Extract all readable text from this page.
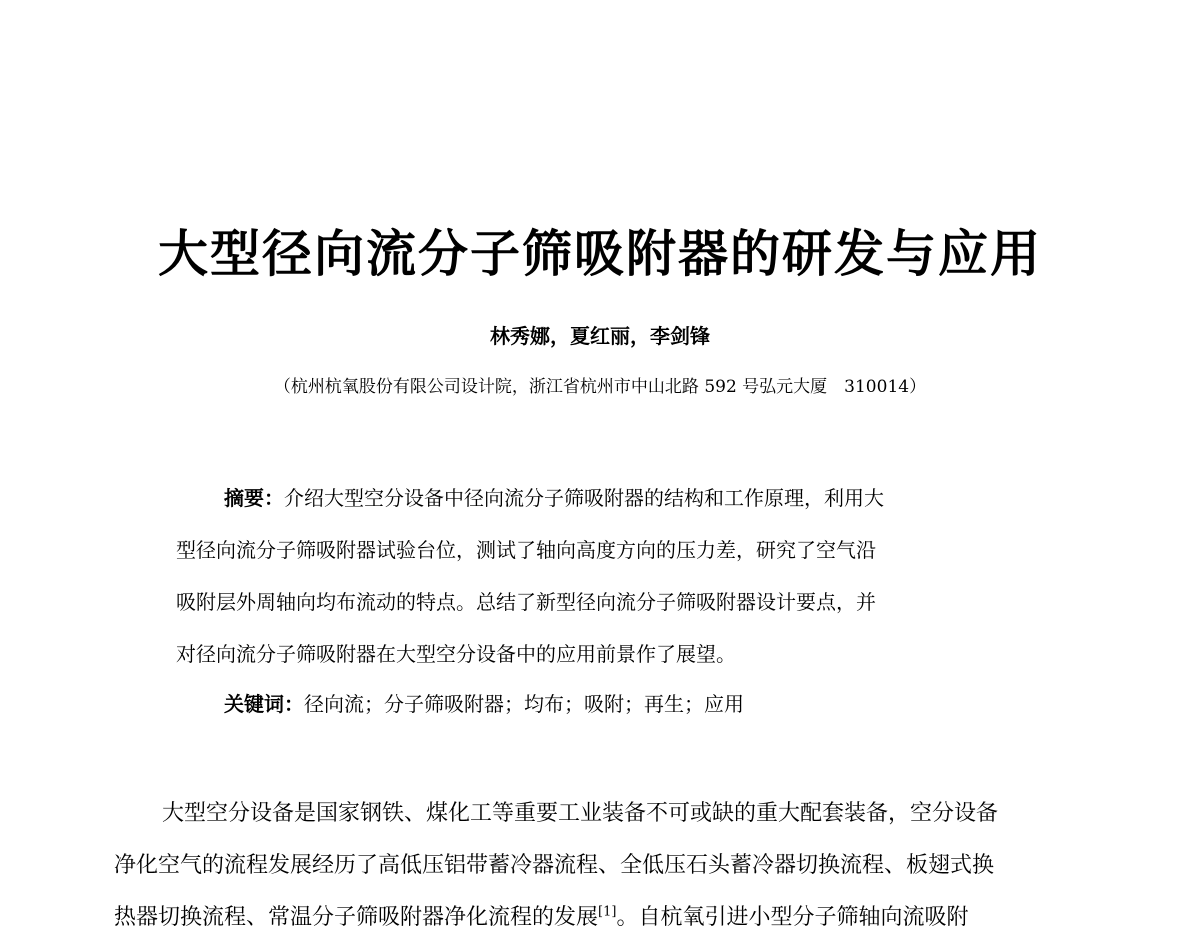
大型径向流分子筛吸附器的研发与应用
林秀娜，夏红丽，李剑锋
（杭州杭氧股份有限公司设计院，浙江省杭州市中山北路 592 号弘元大厦　310014）
摘要：介绍大型空分设备中径向流分子筛吸附器的结构和工作原理，利用大
型径向流分子筛吸附器试验台位，测试了轴向高度方向的压力差，研究了空气沿
吸附层外周轴向均布流动的特点。总结了新型径向流分子筛吸附器设计要点，并
对径向流分子筛吸附器在大型空分设备中的应用前景作了展望。
关键词：径向流；分子筛吸附器；均布；吸附；再生；应用
大型空分设备是国家钢铁、煤化工等重要工业装备不可或缺的重大配套装备，空分设备
净化空气的流程发展经历了高低压铝带蓄冷器流程、全低压石头蓄冷器切换流程、板翅式换
热器切换流程、常温分子筛吸附器净化流程的发展[1]。自杭氧引进小型分子筛轴向流吸附
